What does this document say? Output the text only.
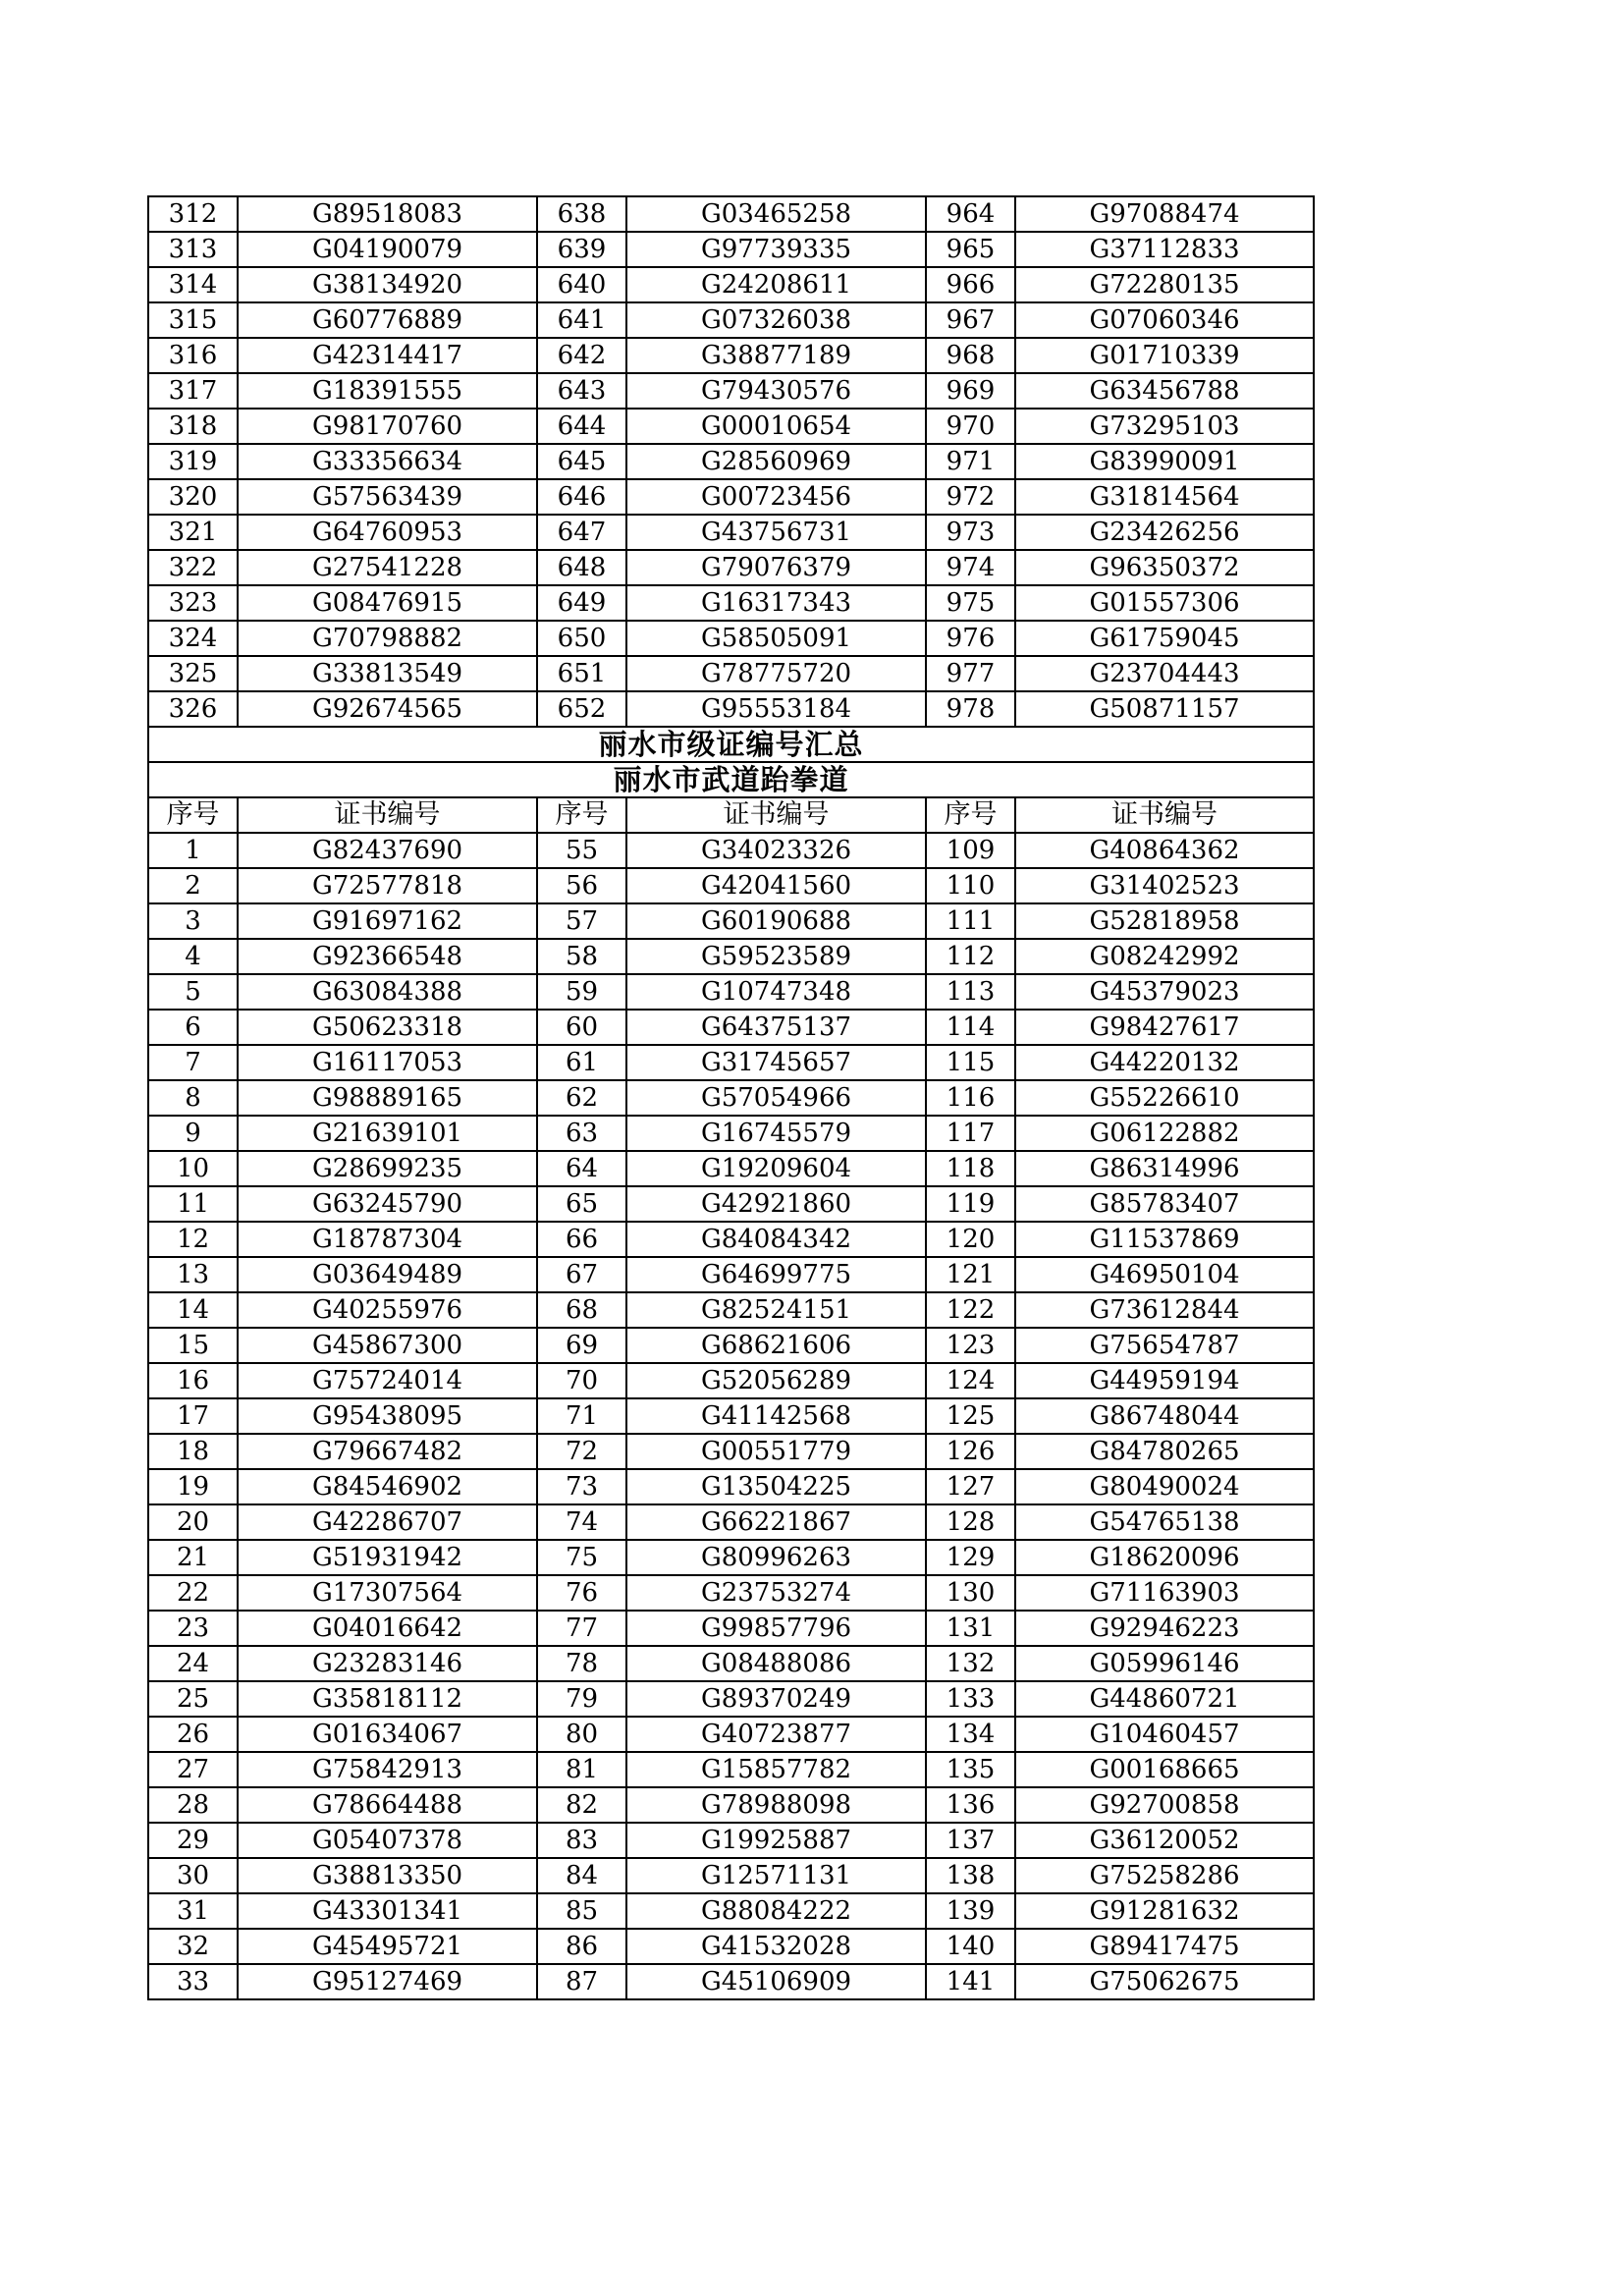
312	G89518083	638	G03465258	964	G97088474
313	G04190079	639	G97739335	965	G37112833
314	G38134920	640	G24208611	966	G72280135
315	G60776889	641	G07326038	967	G07060346
316	G42314417	642	G38877189	968	G01710339
317	G18391555	643	G79430576	969	G63456788
318	G98170760	644	G00010654	970	G73295103
319	G33356634	645	G28560969	971	G83990091
320	G57563439	646	G00723456	972	G31814564
321	G64760953	647	G43756731	973	G23426256
322	G27541228	648	G79076379	974	G96350372
323	G08476915	649	G16317343	975	G01557306
324	G70798882	650	G58505091	976	G61759045
325	G33813549	651	G78775720	977	G23704443
326	G92674565	652	G95553184	978	G50871157
丽水市级证编号汇总					
丽水市武道跆拳道					
序号	证书编号	序号	证书编号	序号	证书编号
1	G82437690	55	G34023326	109	G40864362
2	G72577818	56	G42041560	110	G31402523
3	G91697162	57	G60190688	111	G52818958
4	G92366548	58	G59523589	112	G08242992
5	G63084388	59	G10747348	113	G45379023
6	G50623318	60	G64375137	114	G98427617
7	G16117053	61	G31745657	115	G44220132
8	G98889165	62	G57054966	116	G55226610
9	G21639101	63	G16745579	117	G06122882
10	G28699235	64	G19209604	118	G86314996
11	G63245790	65	G42921860	119	G85783407
12	G18787304	66	G84084342	120	G11537869
13	G03649489	67	G64699775	121	G46950104
14	G40255976	68	G82524151	122	G73612844
15	G45867300	69	G68621606	123	G75654787
16	G75724014	70	G52056289	124	G44959194
17	G95438095	71	G41142568	125	G86748044
18	G79667482	72	G00551779	126	G84780265
19	G84546902	73	G13504225	127	G80490024
20	G42286707	74	G66221867	128	G54765138
21	G51931942	75	G80996263	129	G18620096
22	G17307564	76	G23753274	130	G71163903
23	G04016642	77	G99857796	131	G92946223
24	G23283146	78	G08488086	132	G05996146
25	G35818112	79	G89370249	133	G44860721
26	G01634067	80	G40723877	134	G10460457
27	G75842913	81	G15857782	135	G00168665
28	G78664488	82	G78988098	136	G92700858
29	G05407378	83	G19925887	137	G36120052
30	G38813350	84	G12571131	138	G75258286
31	G43301341	85	G88084222	139	G91281632
32	G45495721	86	G41532028	140	G89417475
33	G95127469	87	G45106909	141	G75062675
